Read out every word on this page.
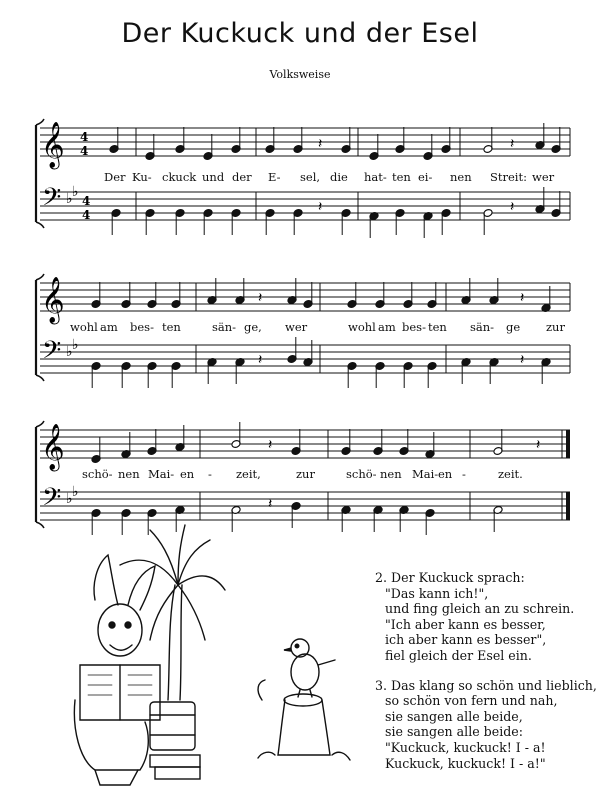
Der Kuckuck und der Esel
Volksweise
𝄞
𝄢 ♭ ♭
4
4
4
4
𝄞
𝄢 ♭ ♭
𝄞
𝄢 ♭ ♭
𝄽	𝄽
𝄽	𝄽
𝄽	𝄽
𝄽	𝄽
𝄽	𝄽
𝄽
Der Ku- ckuck und der E- sel, die hat- ten ei- nen Streit: wer
wohl am bes- ten	sän- ge, wer	wohl am bes- ten sän- ge zur
schö- nen Mai- en - zeit,	zur	schö- nen Mai- en -	zeit.
2. Der Kuckuck sprach:
"Das kann ich!",
und fing gleich an zu schrein.
"Ich aber kann es besser,
ich aber kann es besser",
fiel gleich der Esel ein.
3. Das klang so schön und lieblich,
so schön von fern und nah,
sie sangen alle beide,
sie sangen alle beide:
"Kuckuck, kuckuck! I - a!
Kuckuck, kuckuck! I - a!"
